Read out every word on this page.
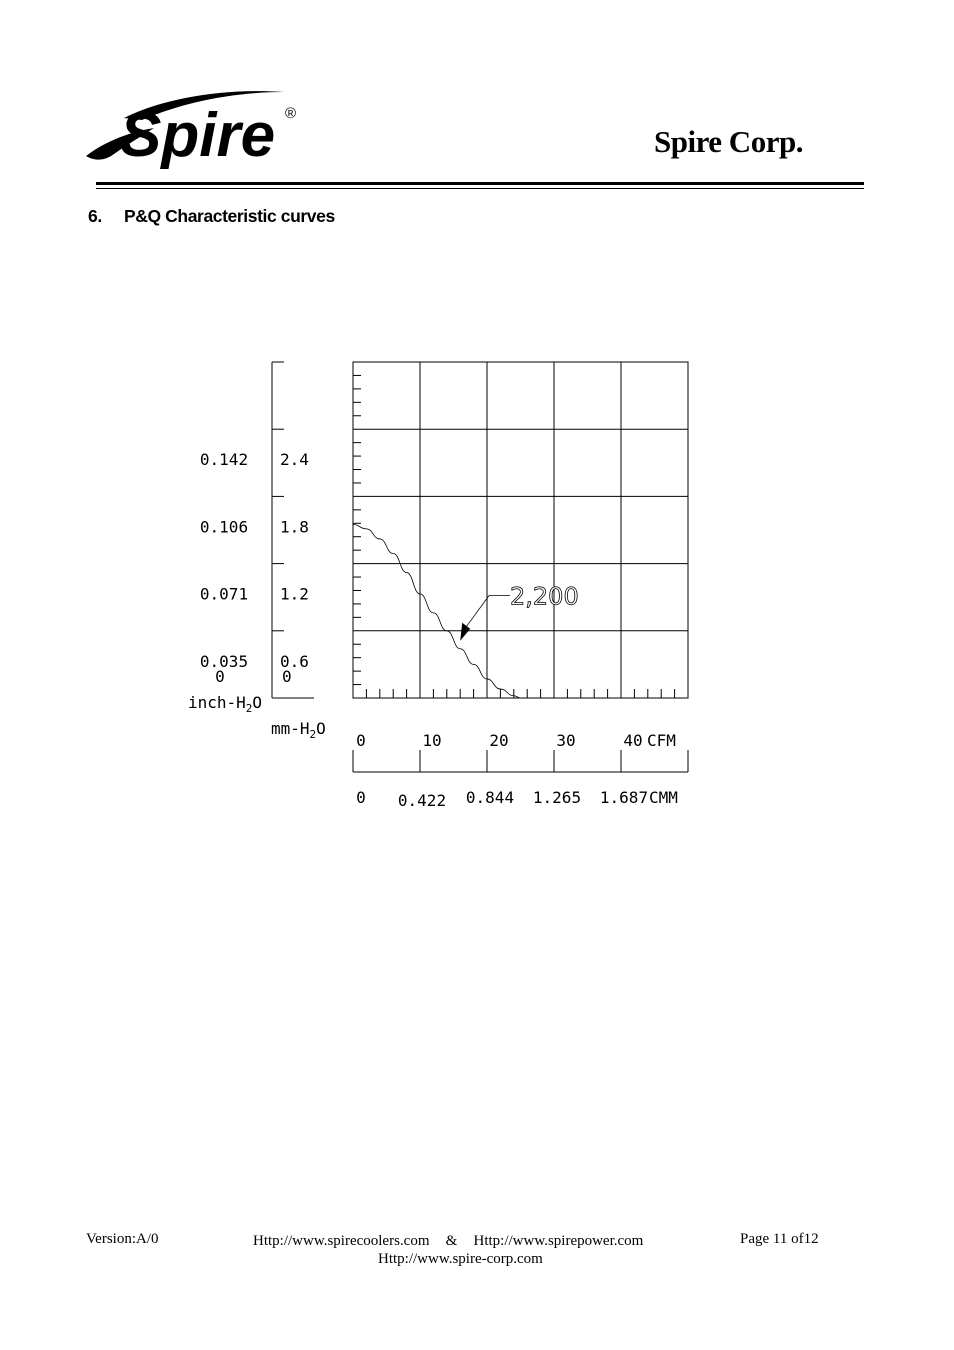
Spire ®
Spire Corp.
6. P&Q Characteristic curves
0
0.6
1.2
1.8
2.4
0
0.035
0.071
0.106
0.142
inch-$H_2O$
$mm-H_2O$
0	10	20	30	40 CFM
0 0.422 0.844 1.265 1.687 CMM
2,200
Version:A/0	Http://www.spirecoolers.com & Http://www.spirepower.com
Http://www.spire-corp.com
Page 11 of12
